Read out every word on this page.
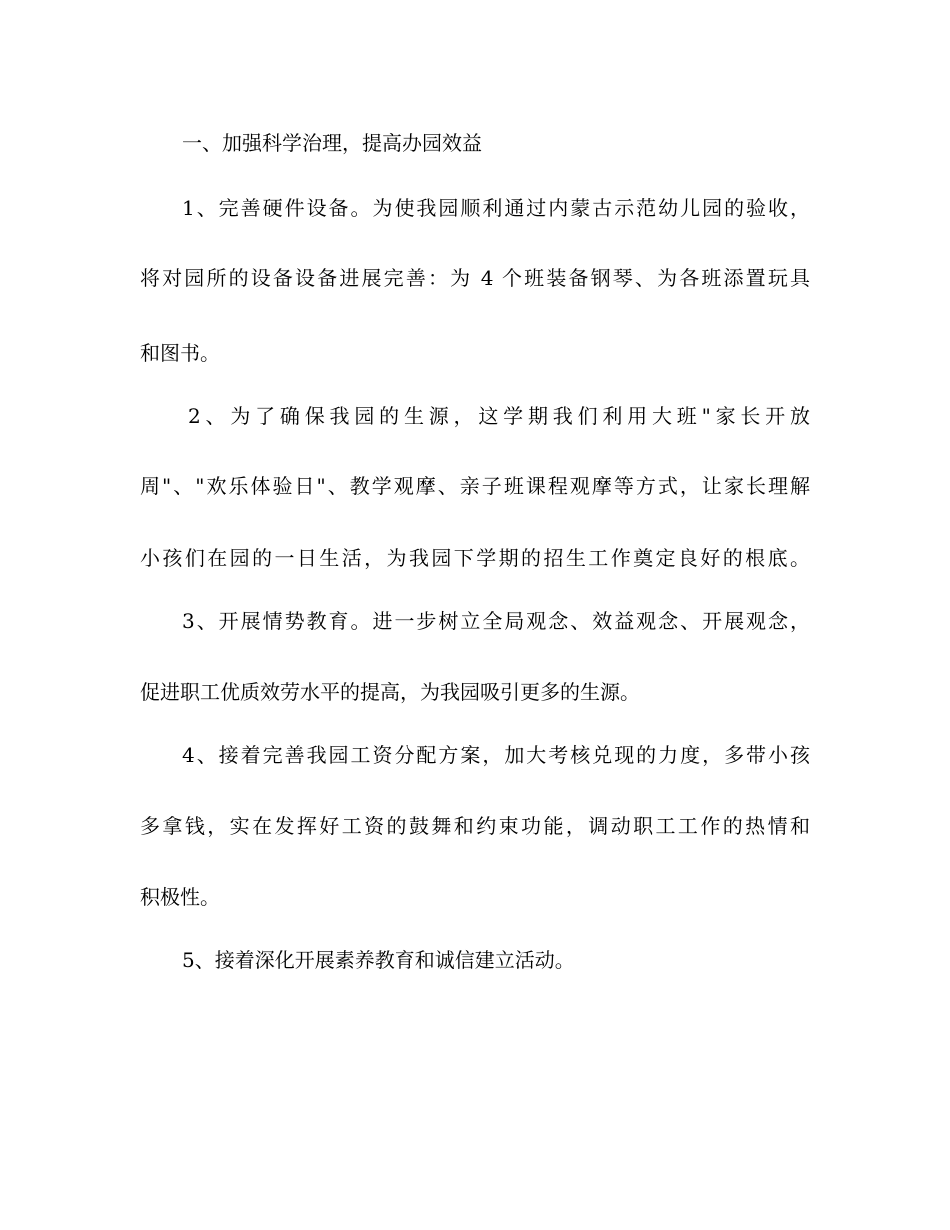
一、加强科学治理，提高办园效益
1、完善硬件设备。为使我园顺利通过内蒙古示范幼儿园的验收，
将对园所的设备设备进展完善：为 4 个班装备钢琴、为各班添置玩具
和图书。
2、为了确保我园的生源，这学期我们利用大班"家长开放
周"、"欢乐体验日"、教学观摩、亲子班课程观摩等方式，让家长理解
小孩们在园的一日生活，为我园下学期的招生工作奠定良好的根底。
3、开展情势教育。进一步树立全局观念、效益观念、开展观念，
促进职工优质效劳水平的提高，为我园吸引更多的生源。
4、接着完善我园工资分配方案，加大考核兑现的力度，多带小孩
多拿钱，实在发挥好工资的鼓舞和约束功能，调动职工工作的热情和
积极性。
5、接着深化开展素养教育和诚信建立活动。
